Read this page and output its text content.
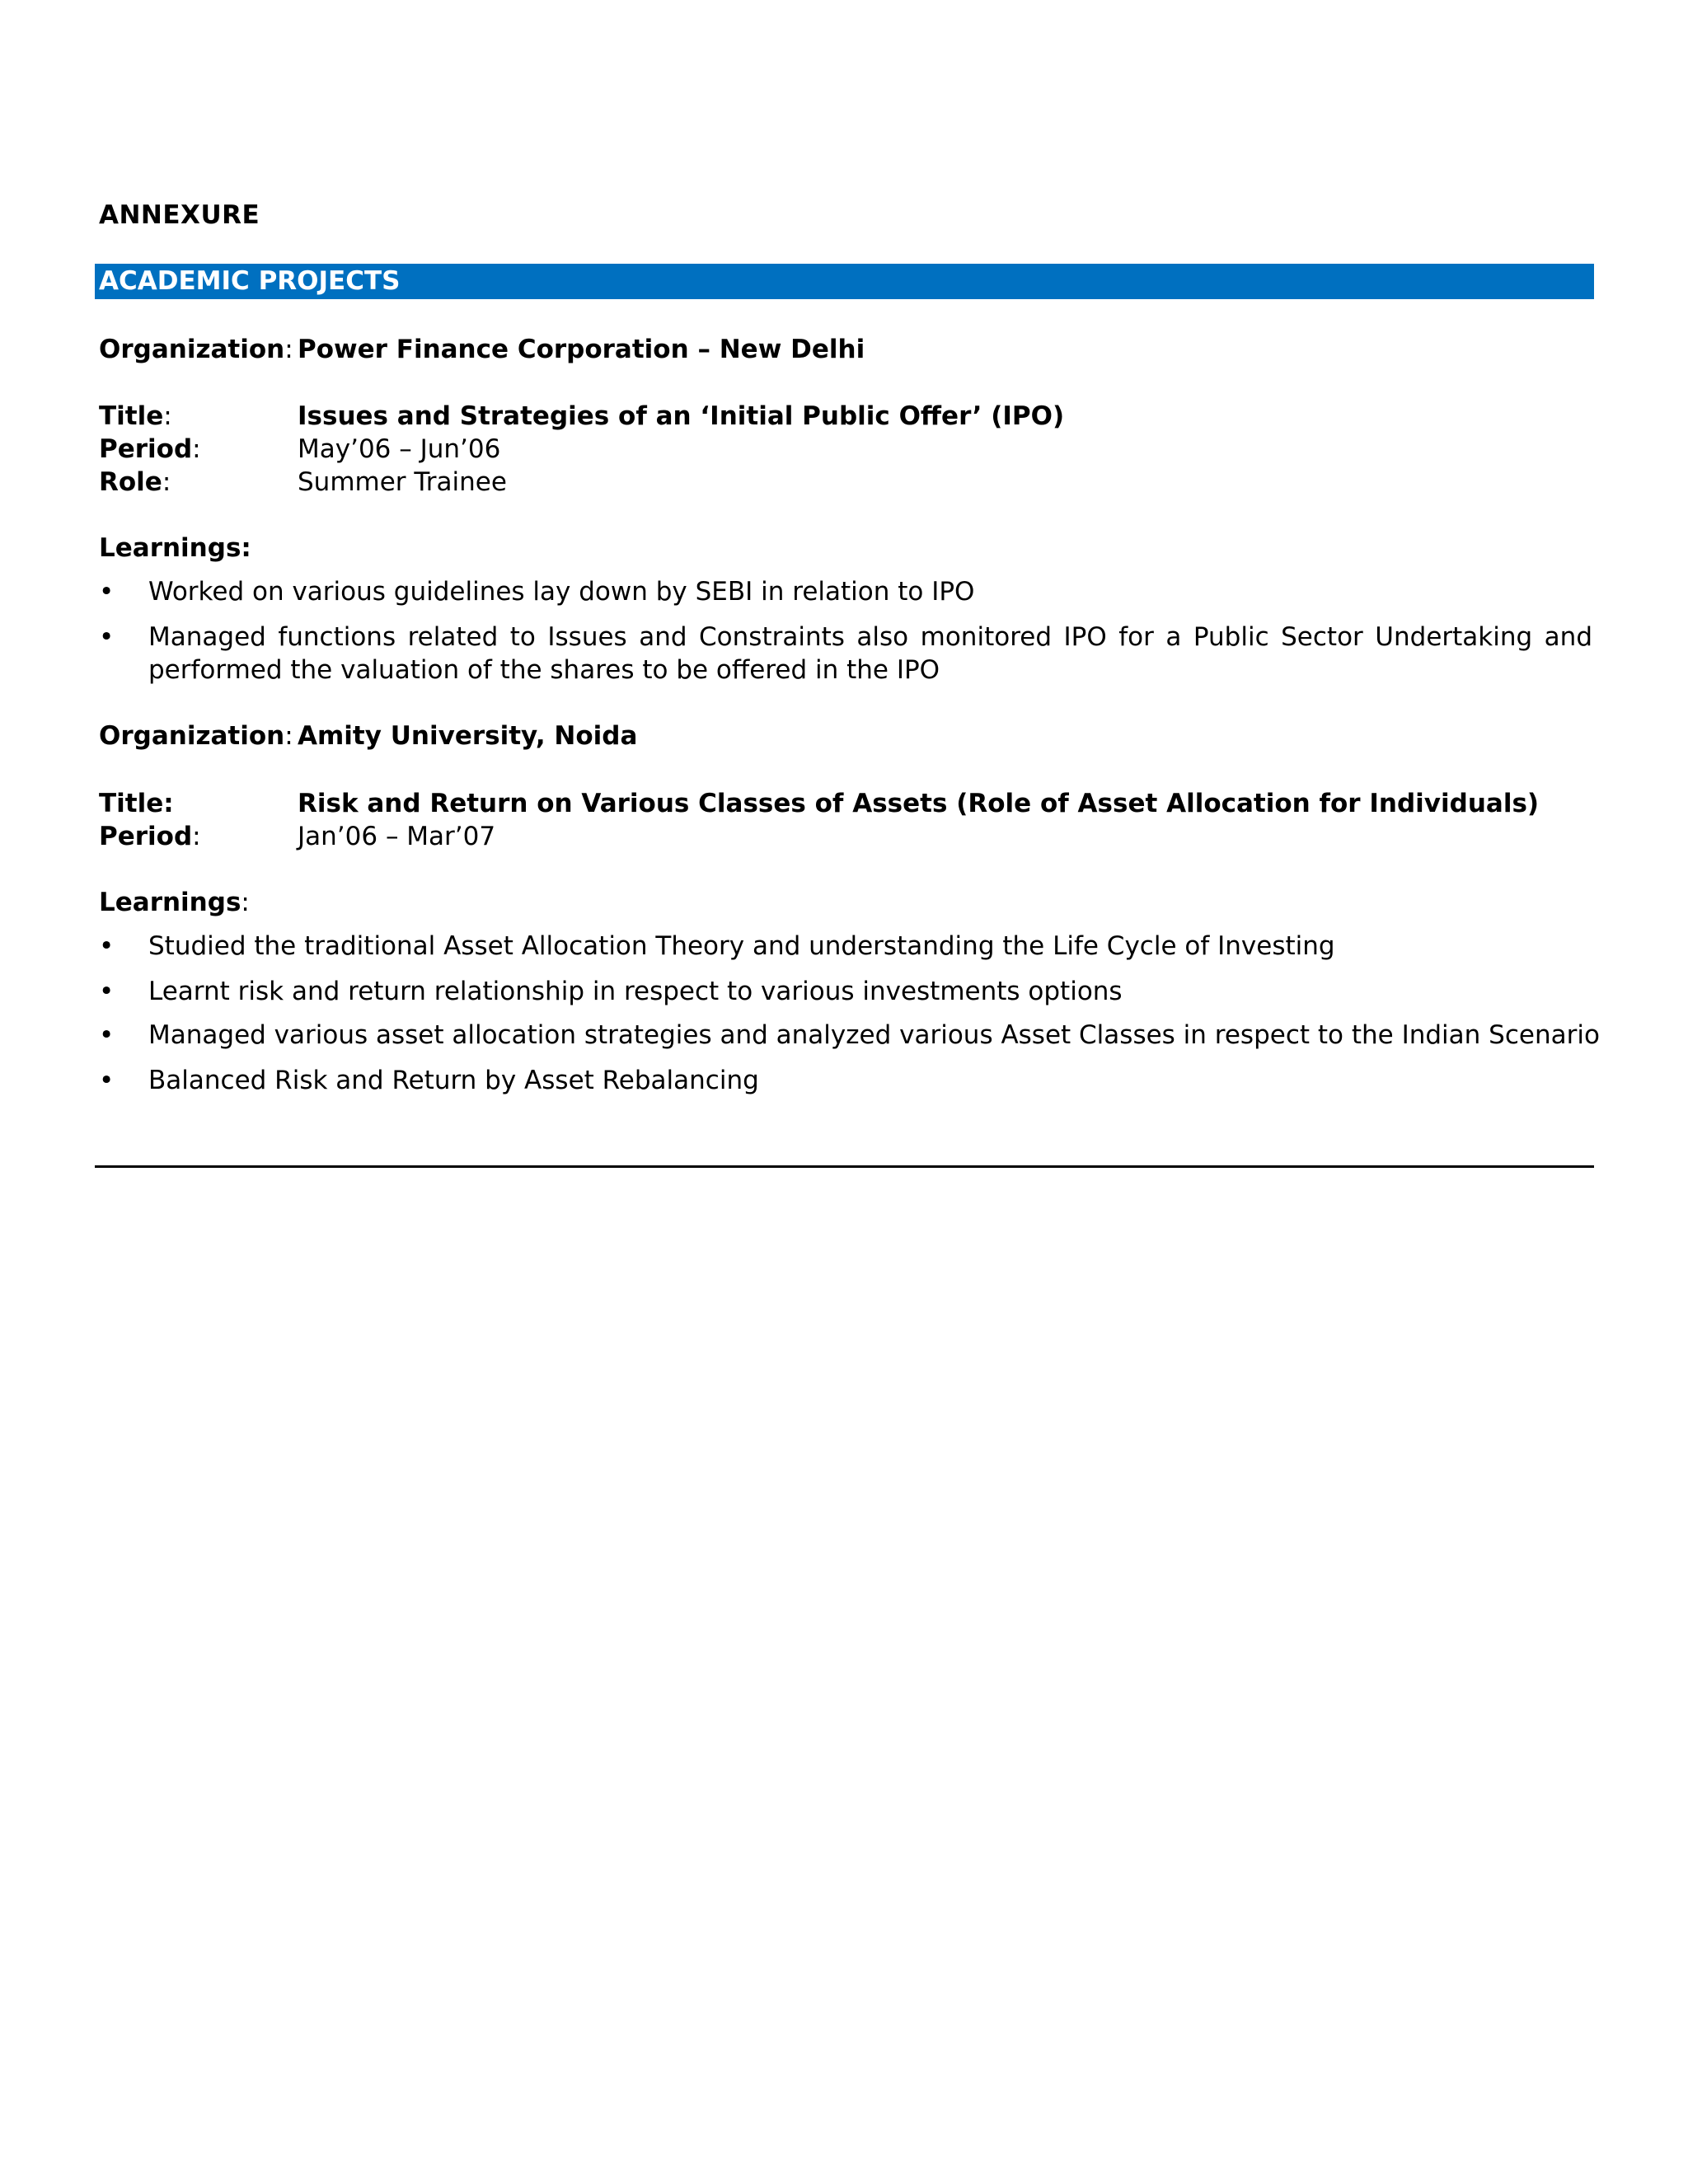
ANNEXURE
ACADEMIC PROJECTS
Organization: Power Finance Corporation – New Delhi
Title:	Issues and Strategies of an ‘Initial Public Offer’ (IPO)
Period:	May’06 – Jun’06
Role:	Summer Trainee
Learnings:
•	Worked on various guidelines lay down by SEBI in relation to IPO
•	Managed functions related to Issues and Constraints also monitored IPO for a Public Sector Undertaking and performed the valuation of the shares to be offered in the IPO
Organization: Amity University, Noida
Title:	Risk and Return on Various Classes of Assets (Role of Asset Allocation for Individuals)
Period:	Jan’06 – Mar’07
Learnings:
•	Studied the traditional Asset Allocation Theory and understanding the Life Cycle of Investing
•	Learnt risk and return relationship in respect to various investments options
•	Managed various asset allocation strategies and analyzed various Asset Classes in respect to the Indian Scenario
•	Balanced Risk and Return by Asset Rebalancing
